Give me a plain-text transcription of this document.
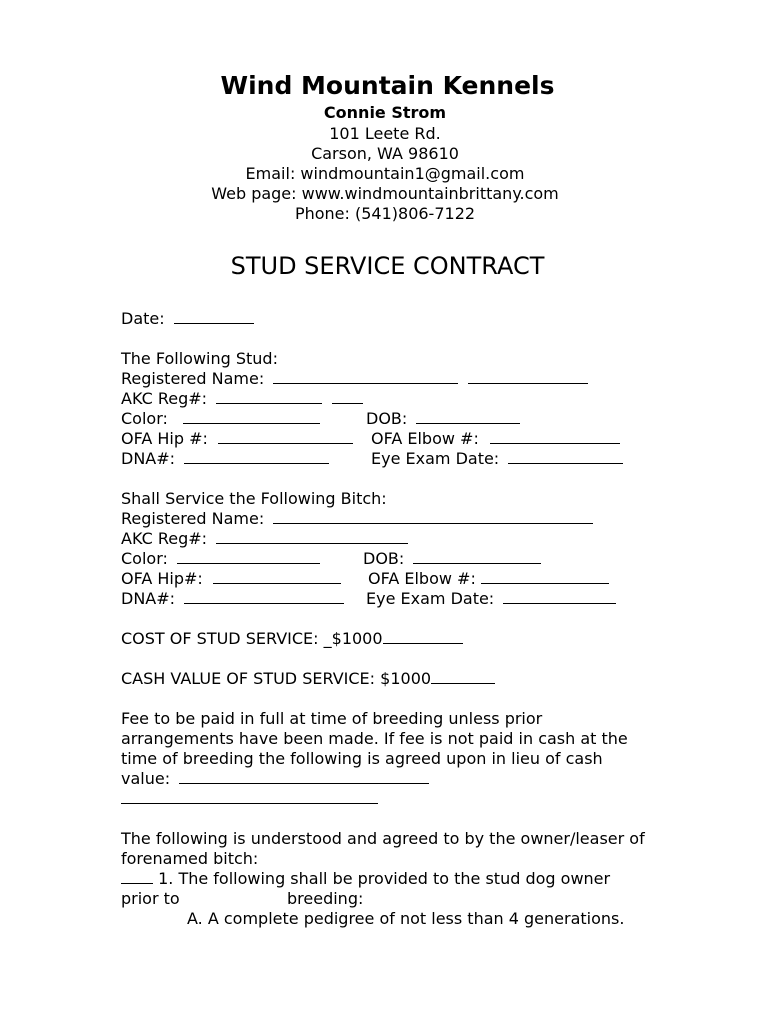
Wind Mountain Kennels
Connie Strom
101 Leete Rd.
Carson, WA 98610
Email: windmountain1@gmail.com
Web page: www.windmountainbrittany.com
Phone: (541)806-7122
STUD SERVICE CONTRACT
Date:
The Following Stud:
Registered Name:
AKC Reg#:
Color:	DOB:
OFA Hip #:	OFA Elbow #:
DNA#:	Eye Exam Date:
Shall Service the Following Bitch:
Registered Name:
AKC Reg#:
Color:	DOB:
OFA Hip#:	OFA Elbow #:
DNA#:	Eye Exam Date:
COST OF STUD SERVICE: _$1000
CASH VALUE OF STUD SERVICE: $1000
Fee to be paid in full at time of breeding unless prior
arrangements have been made. If fee is not paid in cash at the
time of breeding the following is agreed upon in lieu of cash
value:
The following is understood and agreed to by the owner/leaser of
forenamed bitch:
1. The following shall be provided to the stud dog owner
prior to	breeding:
A. A complete pedigree of not less than 4 generations.
